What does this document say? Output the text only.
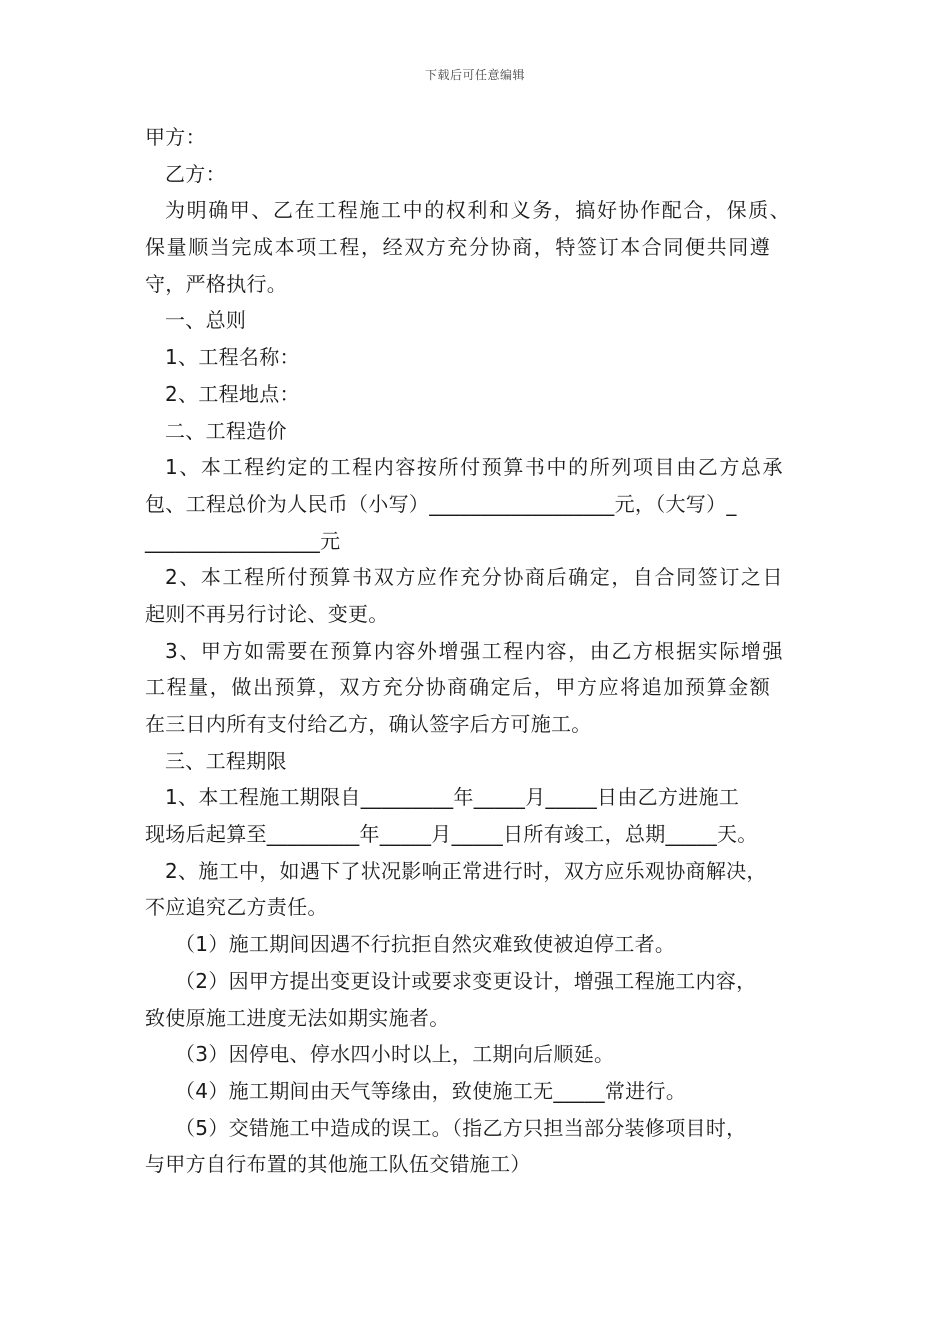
下载后可任意编辑
甲方：
乙方：
为明确甲、乙在工程施工中的权利和义务，搞好协作配合，保质、
保量顺当完成本项工程，经双方充分协商，特签订本合同便共同遵
守，严格执行。
一、总则
1、工程名称：
2、工程地点：
二、工程造价
1、本工程约定的工程内容按所付预算书中的所列项目由乙方总承
包、工程总价为人民币（小写）__________________元，（大写）_
_________________元
2、本工程所付预算书双方应作充分协商后确定，自合同签订之日
起则不再另行讨论、变更。
3、甲方如需要在预算内容外增强工程内容，由乙方根据实际增强
工程量，做出预算，双方充分协商确定后，甲方应将追加预算金额
在三日内所有支付给乙方，确认签字后方可施工。
三、工程期限
1、本工程施工期限自_________年_____月_____日由乙方进施工
现场后起算至_________年_____月_____日所有竣工，总期_____天。
2、施工中，如遇下了状况影响正常进行时，双方应乐观协商解决，
不应追究乙方责任。
（1）施工期间因遇不行抗拒自然灾难致使被迫停工者。
（2）因甲方提出变更设计或要求变更设计，增强工程施工内容，
致使原施工进度无法如期实施者。
（3）因停电、停水四小时以上，工期向后顺延。
（4）施工期间由天气等缘由，致使施工无_____常进行。
（5）交错施工中造成的误工。（指乙方只担当部分装修项目时，
与甲方自行布置的其他施工队伍交错施工）
